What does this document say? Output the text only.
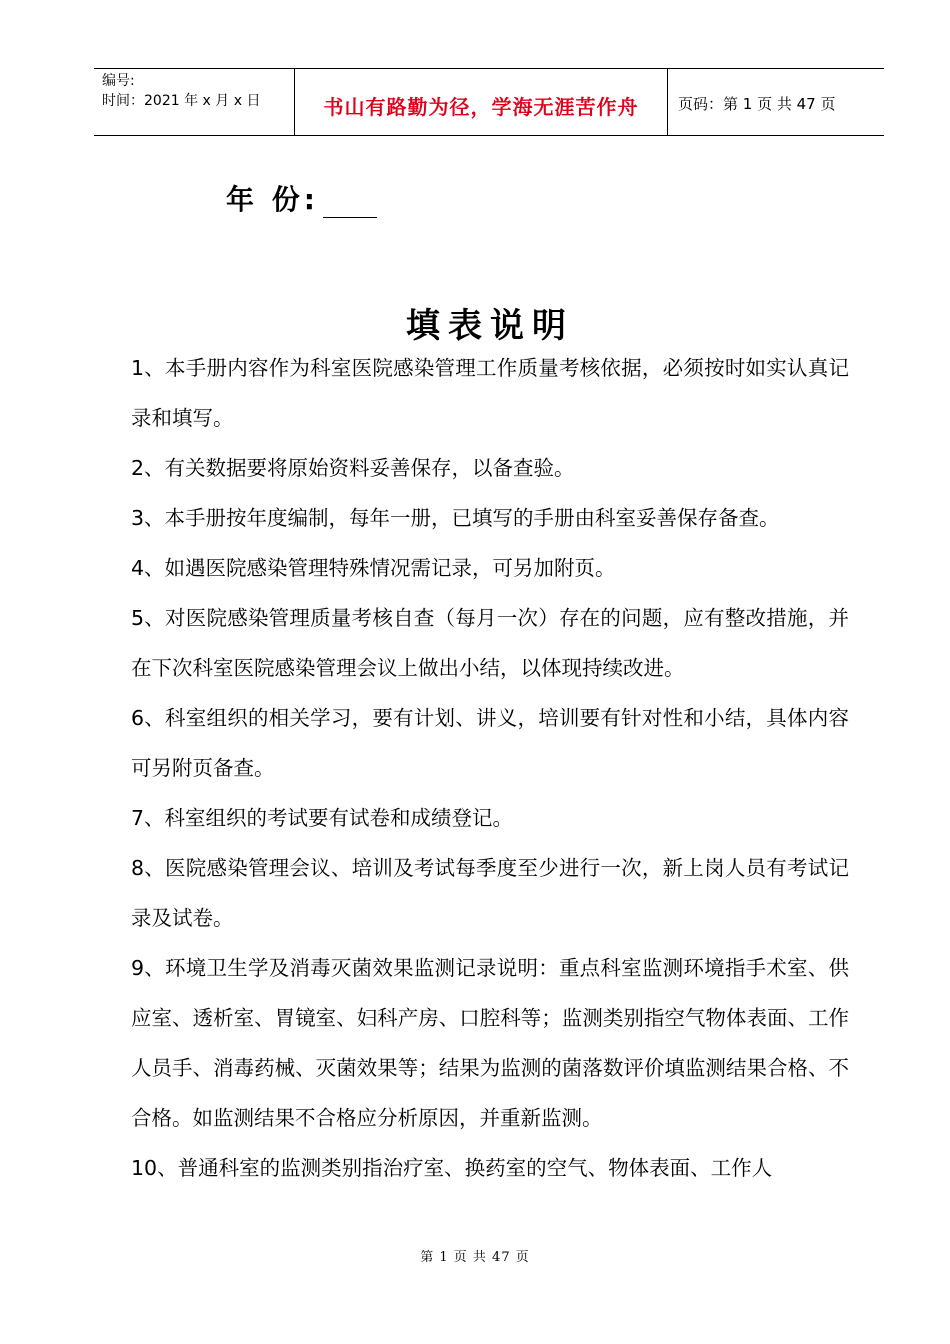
编号:
时间：2021 年 x 月 x 日	书山有路勤为径，学海无涯苦作舟	页码：第 1 页 共 47 页
年 份:
填表说明

1、本手册内容作为科室医院感染管理工作质量考核依据，必须按时如实认真记录和填写。

2、有关数据要将原始资料妥善保存，以备查验。

3、本手册按年度编制，每年一册，已填写的手册由科室妥善保存备查。

4、如遇医院感染管理特殊情况需记录，可另加附页。

5、对医院感染管理质量考核自查（每月一次）存在的问题，应有整改措施，并在下次科室医院感染管理会议上做出小结，以体现持续改进。

6、科室组织的相关学习，要有计划、讲义，培训要有针对性和小结，具体内容可另附页备查。

7、科室组织的考试要有试卷和成绩登记。

8、医院感染管理会议、培训及考试每季度至少进行一次，新上岗人员有考试记录及试卷。

9、环境卫生学及消毒灭菌效果监测记录说明：重点科室监测环境指手术室、供应室、透析室、胃镜室、妇科产房、口腔科等；监测类别指空气物体表面、工作人员手、消毒药械、灭菌效果等；结果为监测的菌落数评价填监测结果合格、不合格。如监测结果不合格应分析原因，并重新监测。

10、普通科室的监测类别指治疗室、换药室的空气、物体表面、工作人

第 1 页 共 47 页
